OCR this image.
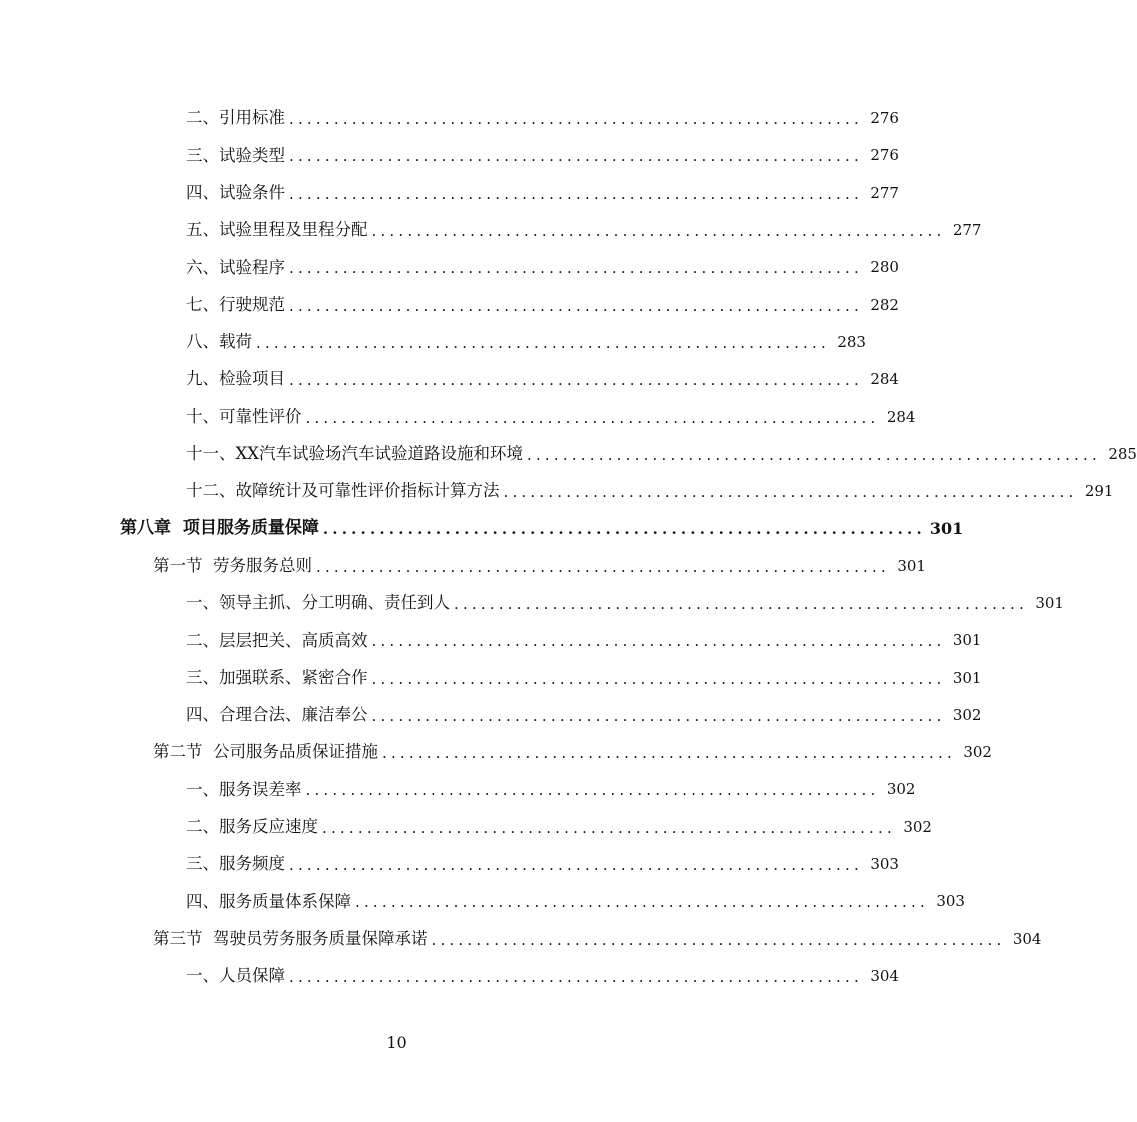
二、引用标准 ................................................................ 276
三、试验类型 ................................................................ 276
四、试验条件 ................................................................ 277
五、试验里程及里程分配 ................................................................ 277
六、试验程序 ................................................................ 280
七、行驶规范 ................................................................ 282
八、载荷 ................................................................ 283
九、检验项目 ................................................................ 284
十、可靠性评价 ................................................................ 284
十一、XX汽车试验场汽车试验道路设施和环境 ................................................................ 285
十二、故障统计及可靠性评价指标计算方法 ................................................................ 291
第八章  项目服务质量保障 ................................................................ 301
第一节  劳务服务总则 ................................................................ 301
一、领导主抓、分工明确、责任到人 ................................................................ 301
二、层层把关、高质高效 ................................................................ 301
三、加强联系、紧密合作 ................................................................ 301
四、合理合法、廉洁奉公 ................................................................ 302
第二节  公司服务品质保证措施 ................................................................ 302
一、服务误差率 ................................................................ 302
二、服务反应速度 ................................................................ 302
三、服务频度 ................................................................ 303
四、服务质量体系保障 ................................................................ 303
第三节  驾驶员劳务服务质量保障承诺 ................................................................ 304
一、人员保障 ................................................................ 304
10
